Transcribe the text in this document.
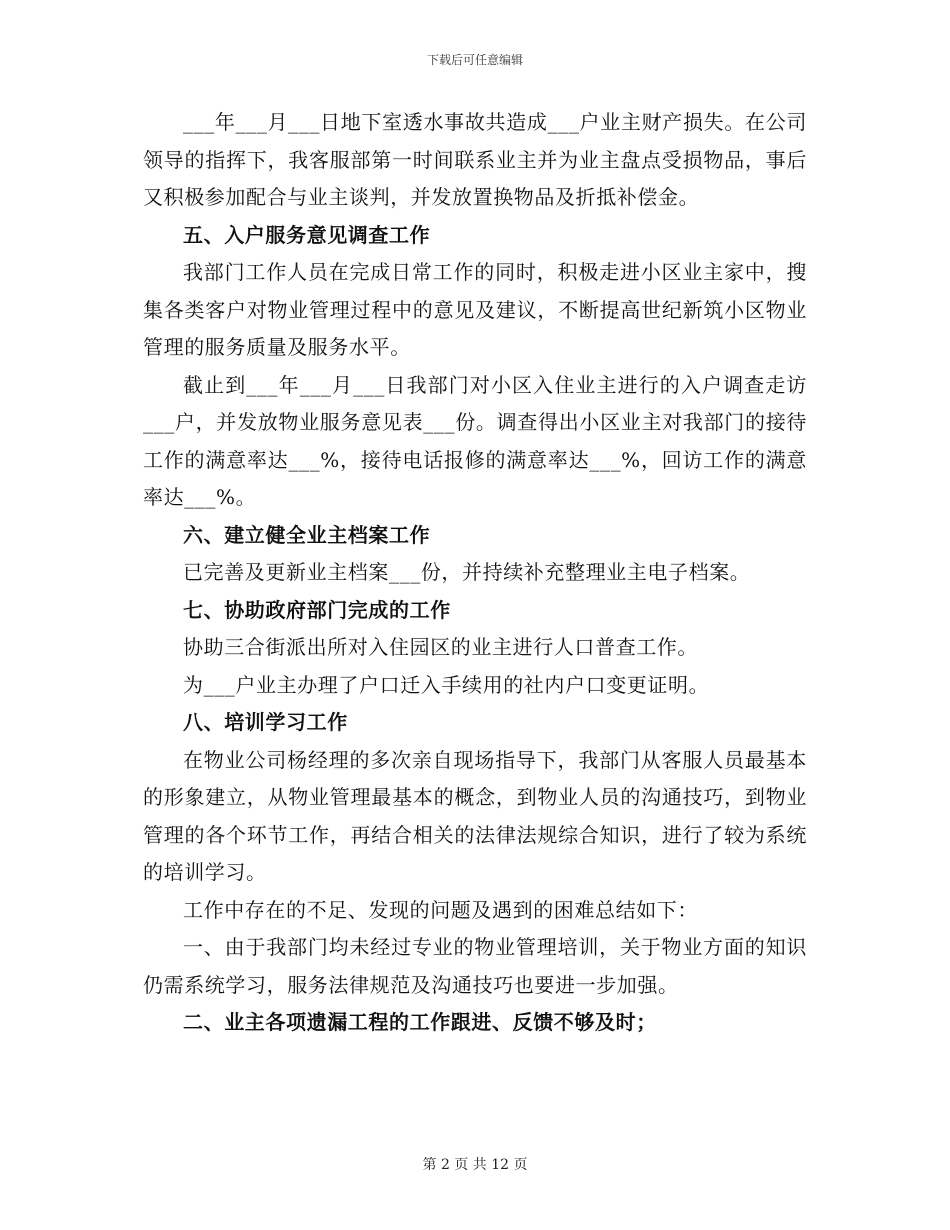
下载后可任意编辑

___年___月___日地下室透水事故共造成___户业主财产损失。在公司领导的指挥下，我客服部第一时间联系业主并为业主盘点受损物品，事后又积极参加配合与业主谈判，并发放置换物品及折抵补偿金。

五、入户服务意见调查工作

我部门工作人员在完成日常工作的同时，积极走进小区业主家中，搜集各类客户对物业管理过程中的意见及建议，不断提高世纪新筑小区物业管理的服务质量及服务水平。

截止到___年___月___日我部门对小区入住业主进行的入户调查走访___户，并发放物业服务意见表___份。调查得出小区业主对我部门的接待工作的满意率达___%，接待电话报修的满意率达___%，回访工作的满意率达___%。

六、建立健全业主档案工作

已完善及更新业主档案___份，并持续补充整理业主电子档案。

七、协助政府部门完成的工作

协助三合街派出所对入住园区的业主进行人口普查工作。

为___户业主办理了户口迁入手续用的社内户口变更证明。

八、培训学习工作

在物业公司杨经理的多次亲自现场指导下，我部门从客服人员最基本的形象建立，从物业管理最基本的概念，到物业人员的沟通技巧，到物业管理的各个环节工作，再结合相关的法律法规综合知识，进行了较为系统的培训学习。

工作中存在的不足、发现的问题及遇到的困难总结如下：

一、由于我部门均未经过专业的物业管理培训，关于物业方面的知识仍需系统学习，服务法律规范及沟通技巧也要进一步加强。

二、业主各项遗漏工程的工作跟进、反馈不够及时；

第 2 页 共 12 页
